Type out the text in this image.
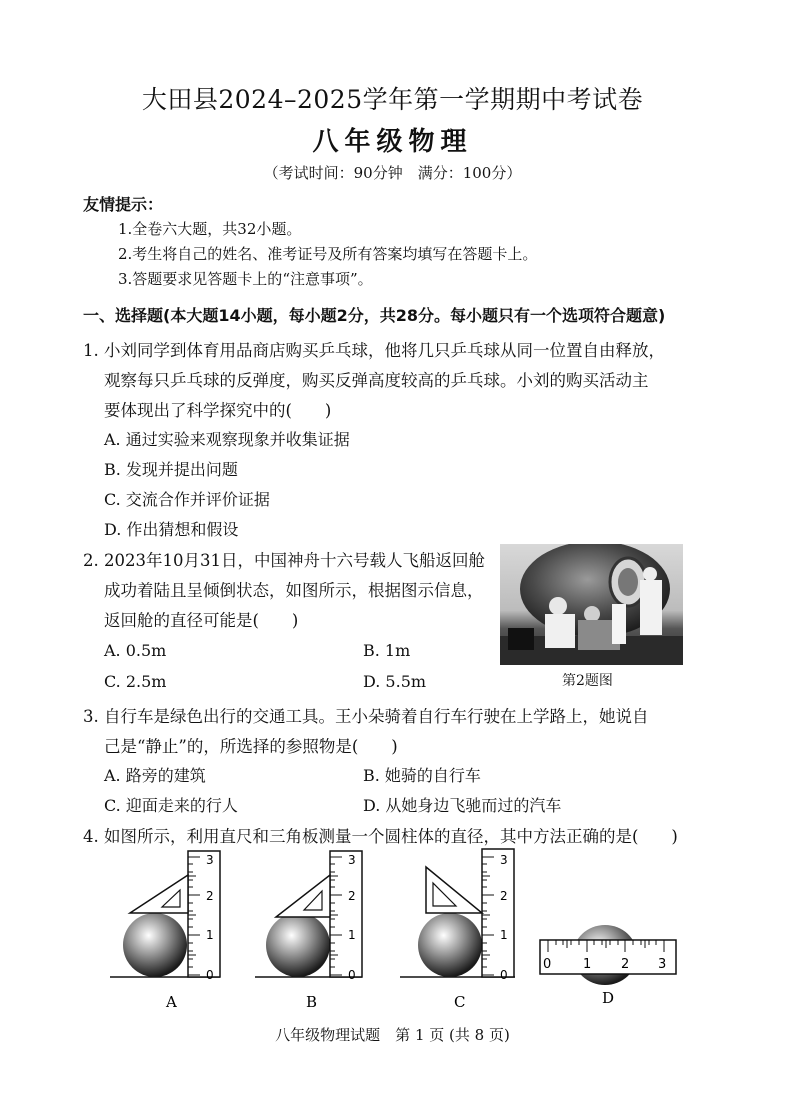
大田县2024–2025学年第一学期期中考试卷
八年级物理
（考试时间：90分钟　满分：100分）
友情提示：
1.全卷六大题，共32小题。
2.考生将自己的姓名、准考证号及所有答案均填写在答题卡上。
3.答题要求见答题卡上的“注意事项”。
一、选择题(本大题14小题，每小题2分，共28分。每小题只有一个选项符合题意)
1. 小刘同学到体育用品商店购买乒乓球，他将几只乒乓球从同一位置自由释放，
观察每只乒乓球的反弹度，购买反弹高度较高的乒乓球。小刘的购买活动主
要体现出了科学探究中的(　　)
A. 通过实验来观察现象并收集证据
B. 发现并提出问题
C. 交流合作并评价证据
D. 作出猜想和假设
2. 2023年10月31日，中国神舟十六号载人飞船返回舱
成功着陆且呈倾倒状态，如图所示，根据图示信息，
返回舱的直径可能是(　　)
A. 0.5m	B. 1m
C. 2.5m	D. 5.5m	第2题图
3. 自行车是绿色出行的交通工具。王小朵骑着自行车行驶在上学路上，她说自
己是“静止”的，所选择的参照物是(　　)
A. 路旁的建筑	B. 她骑的自行车
C. 迎面走来的行人	D. 从她身边飞驰而过的汽车
4. 如图所示，利用直尺和三角板测量一个圆柱体的直径，其中方法正确的是(　　)
0
1
2
3
A
0
1
2
3
B
0
1
2
3
C
0 1 2 3
D
八年级物理试题　第 1 页 (共 8 页)
